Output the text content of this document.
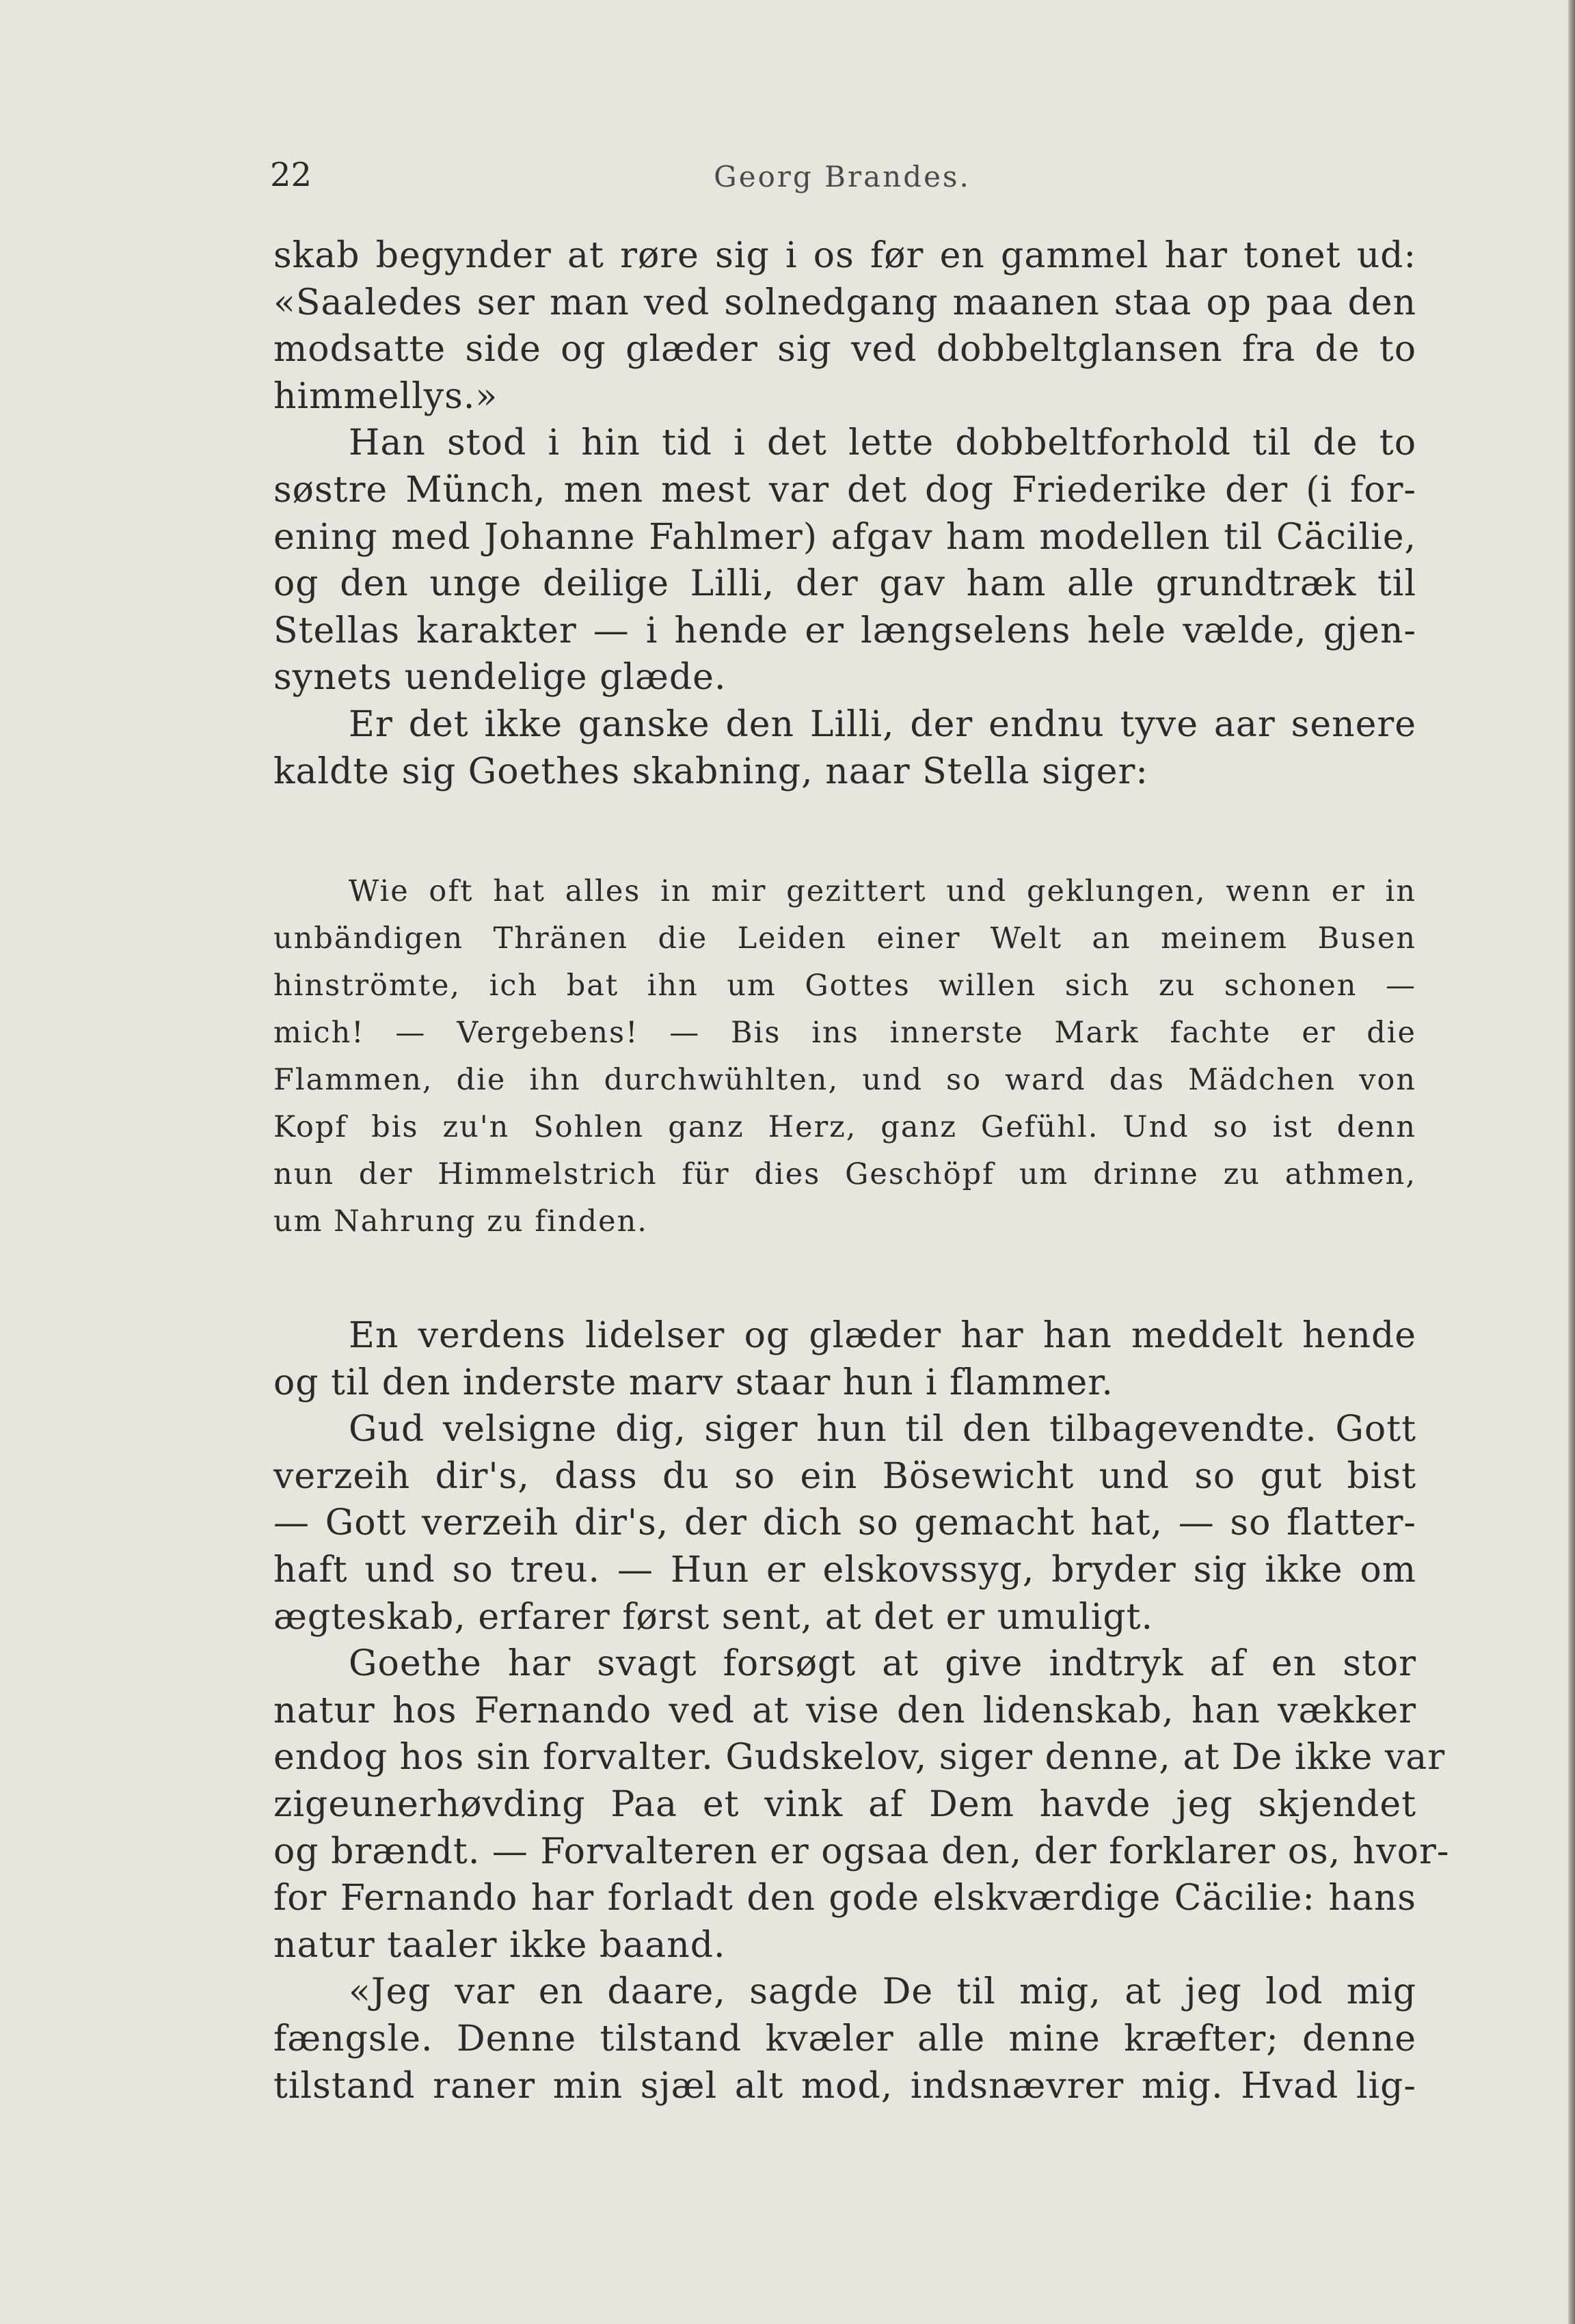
22	Georg Brandes.
skab begynder at røre sig i os før en gammel har tonet ud:
«Saaledes ser man ved solnedgang maanen staa op paa den
modsatte side og glæder sig ved dobbeltglansen fra de to
himmellys.»
Han stod i hin tid i det lette dobbeltforhold til de to
søstre Münch, men mest var det dog Friederike der (i for-
ening med Johanne Fahlmer) afgav ham modellen til Cäcilie,
og den unge deilige Lilli, der gav ham alle grundtræk til
Stellas karakter — i hende er længselens hele vælde, gjen-
synets uendelige glæde.
Er det ikke ganske den Lilli, der endnu tyve aar senere
kaldte sig Goethes skabning, naar Stella siger:
Wie oft hat alles in mir gezittert und geklungen, wenn er in
unbändigen Thränen die Leiden einer Welt an meinem Busen
hinströmte, ich bat ihn um Gottes willen sich zu schonen —
mich! — Vergebens! — Bis ins innerste Mark fachte er die
Flammen, die ihn durchwühlten, und so ward das Mädchen von
Kopf bis zu'n Sohlen ganz Herz, ganz Gefühl. Und so ist denn
nun der Himmelstrich für dies Geschöpf um drinne zu athmen,
um Nahrung zu finden.
En verdens lidelser og glæder har han meddelt hende
og til den inderste marv staar hun i flammer.
Gud velsigne dig, siger hun til den tilbagevendte. Gott
verzeih dir's, dass du so ein Bösewicht und so gut bist
— Gott verzeih dir's, der dich so gemacht hat, — so flatter-
haft und so treu. — Hun er elskovssyg, bryder sig ikke om
ægteskab, erfarer først sent, at det er umuligt.
Goethe har svagt forsøgt at give indtryk af en stor
natur hos Fernando ved at vise den lidenskab, han vækker
endog hos sin forvalter. Gudskelov, siger denne, at De ikke var
zigeunerhøvding Paa et vink af Dem havde jeg skjendet
og brændt. — Forvalteren er ogsaa den, der forklarer os, hvor-
for Fernando har forladt den gode elskværdige Cäcilie: hans
natur taaler ikke baand.
«Jeg var en daare, sagde De til mig, at jeg lod mig
fængsle. Denne tilstand kvæler alle mine kræfter; denne
tilstand raner min sjæl alt mod, indsnævrer mig. Hvad lig-
